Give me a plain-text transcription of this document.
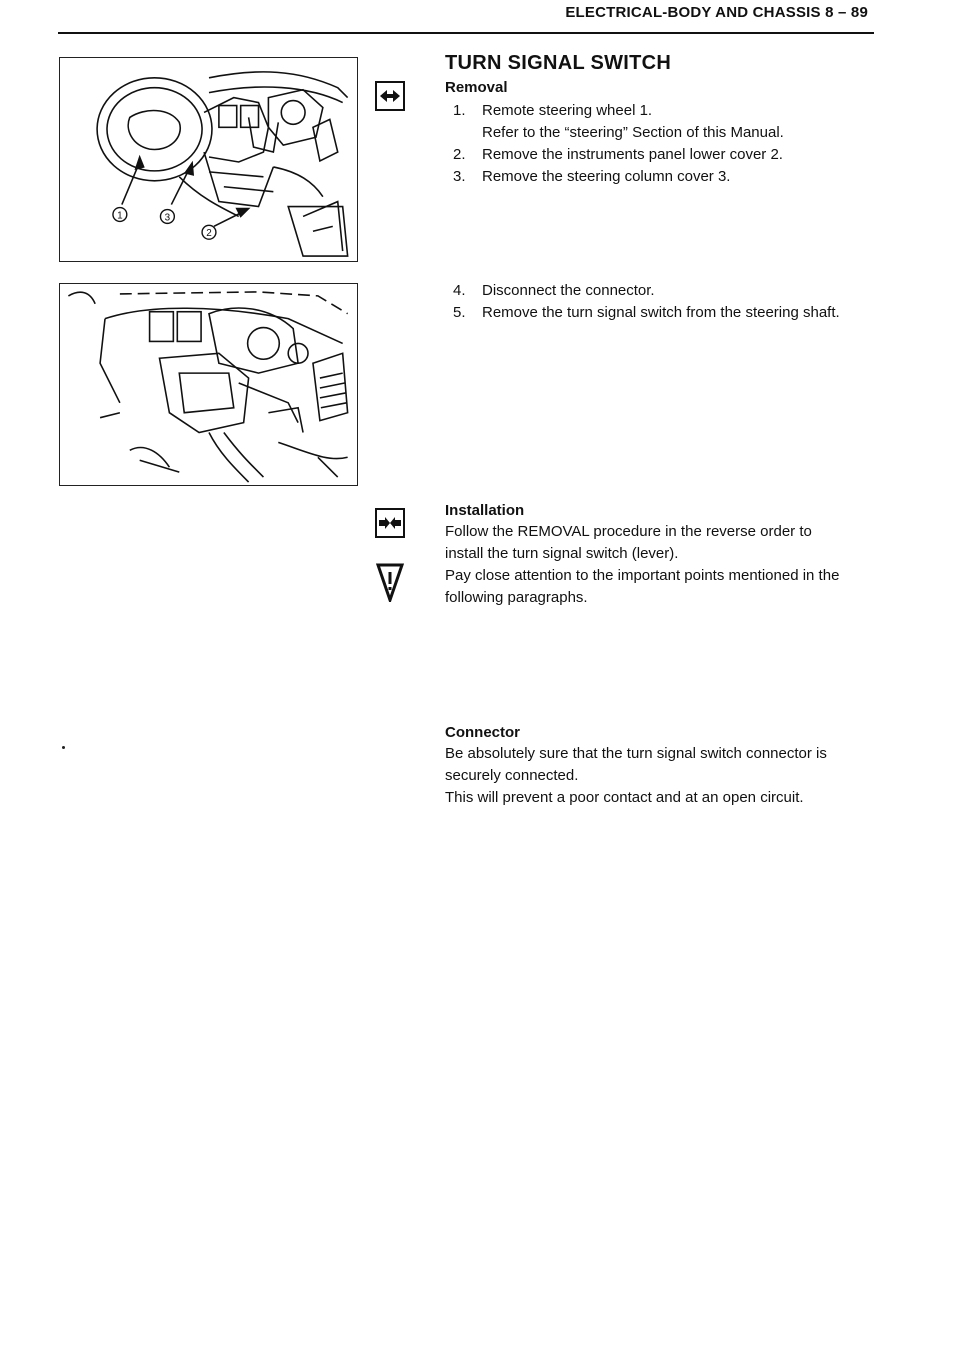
ELECTRICAL-BODY AND CHASSIS 8 – 89
1	3
2
TURN SIGNAL SWITCH
Removal
1. Remote steering wheel 1.
Refer to the “steering” Section of this Manual.
2. Remove the instruments panel lower cover 2.
3. Remove the steering column cover 3.
4. Disconnect the connector.
5. Remove the turn signal switch from the steering shaft.
Installation
Follow the REMOVAL procedure in the reverse order to
install the turn signal switch (lever).
Pay close attention to the important points mentioned in the
following paragraphs.
Connector
Be absolutely sure that the turn signal switch connector is
securely connected.
This will prevent a poor contact and at an open circuit.
